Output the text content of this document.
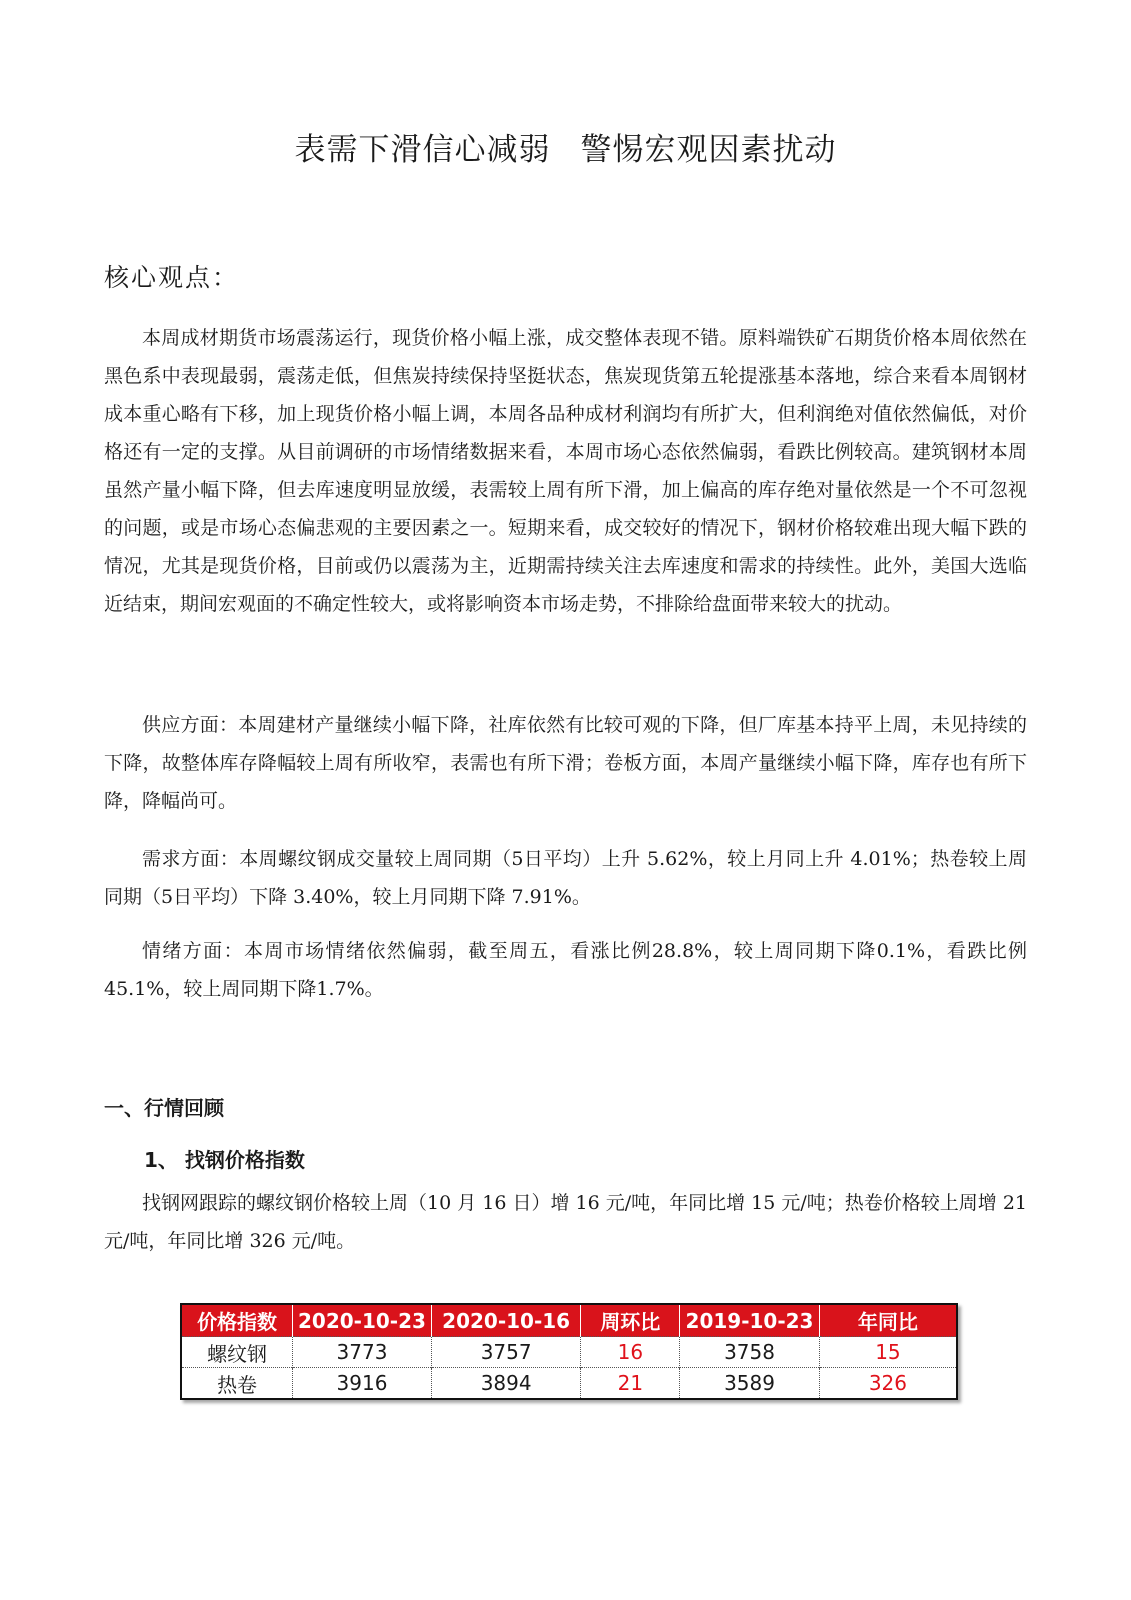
表需下滑信心减弱 警惕宏观因素扰动
核心观点：

本周成材期货市场震荡运行，现货价格小幅上涨，成交整体表现不错。原料端铁矿石期货价格本周依然在黑色系中表现最弱，震荡走低，但焦炭持续保持坚挺状态，焦炭现货第五轮提涨基本落地，综合来看本周钢材成本重心略有下移，加上现货价格小幅上调，本周各品种成材利润均有所扩大，但利润绝对值依然偏低，对价格还有一定的支撑。从目前调研的市场情绪数据来看，本周市场心态依然偏弱，看跌比例较高。建筑钢材本周虽然产量小幅下降，但去库速度明显放缓，表需较上周有所下滑，加上偏高的库存绝对量依然是一个不可忽视的问题，或是市场心态偏悲观的主要因素之一。短期来看，成交较好的情况下，钢材价格较难出现大幅下跌的情况，尤其是现货价格，目前或仍以震荡为主，近期需持续关注去库速度和需求的持续性。此外，美国大选临近结束，期间宏观面的不确定性较大，或将影响资本市场走势，不排除给盘面带来较大的扰动。

供应方面：本周建材产量继续小幅下降，社库依然有比较可观的下降，但厂库基本持平上周，未见持续的下降，故整体库存降幅较上周有所收窄，表需也有所下滑；卷板方面，本周产量继续小幅下降，库存也有所下降，降幅尚可。

需求方面：本周螺纹钢成交量较上周同期（5日平均）上升 5.62%，较上月同上升 4.01%；热卷较上周同期（5日平均）下降 3.40%，较上月同期下降 7.91%。

情绪方面：本周市场情绪依然偏弱，截至周五，看涨比例28.8%，较上周同期下降0.1%，看跌比例45.1%，较上周同期下降1.7%。

一、行情回顾
1、 找钢价格指数

找钢网跟踪的螺纹钢价格较上周（10 月 16 日）增 16 元/吨，年同比增 15 元/吨；热卷价格较上周增 21 元/吨，年同比增 326 元/吨。

价格指数	2020-10-23	2020-10-16	周环比	2019-10-23	年同比
螺纹钢	3773	3757	16	3758	15
热卷	3916	3894	21	3589	326
